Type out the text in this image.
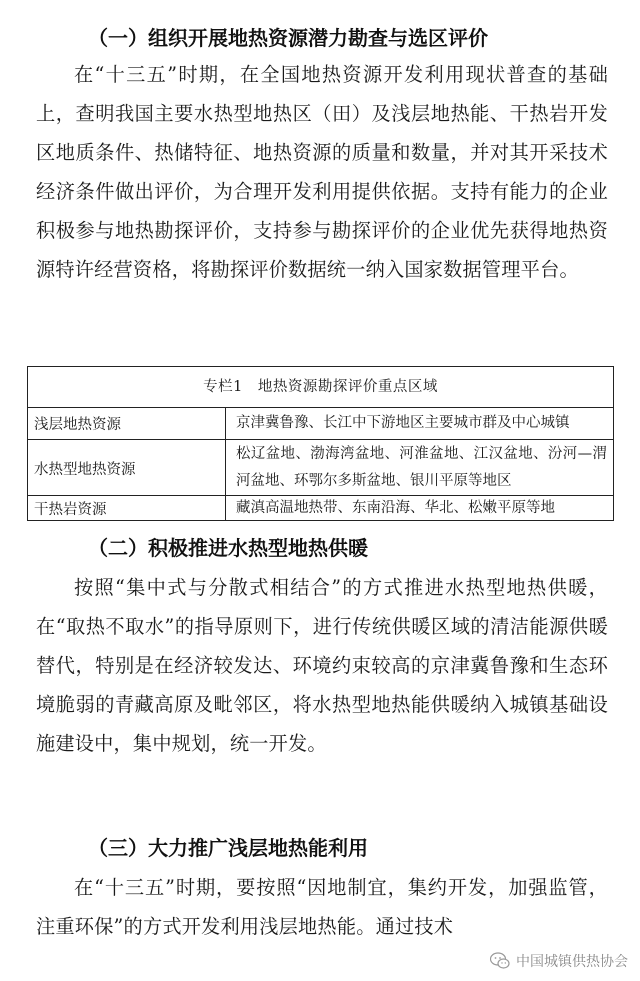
（一）组织开展地热资源潜力勘查与选区评价

在“十三五”时期，在全国地热资源开发利用现状普查的基础上，查明我国主要水热型地热区（田）及浅层地热能、干热岩开发区地质条件、热储特征、地热资源的质量和数量，并对其开采技术经济条件做出评价，为合理开发利用提供依据。支持有能力的企业积极参与地热勘探评价，支持参与勘探评价的企业优先获得地热资源特许经营资格，将勘探评价数据统一纳入国家数据管理平台。

专栏1　地热资源勘探评价重点区域
浅层地热资源	京津冀鲁豫、长江中下游地区主要城市群及中心城镇
水热型地热资源
松辽盆地、渤海湾盆地、河淮盆地、江汉盆地、汾河—渭河盆地、环鄂尔多斯盆地、银川平原等地区
干热岩资源	藏滇高温地热带、东南沿海、华北、松嫩平原等地
（二）积极推进水热型地热供暖

按照“集中式与分散式相结合”的方式推进水热型地热供暖，在“取热不取水”的指导原则下，进行传统供暖区域的清洁能源供暖替代，特别是在经济较发达、环境约束较高的京津冀鲁豫和生态环境脆弱的青藏高原及毗邻区，将水热型地热能供暖纳入城镇基础设施建设中，集中规划，统一开发。

（三）大力推广浅层地热能利用

在“十三五”时期，要按照“因地制宜，集约开发，加强监管，注重环保”的方式开发利用浅层地热能。通过技术

中国城镇供热协会
